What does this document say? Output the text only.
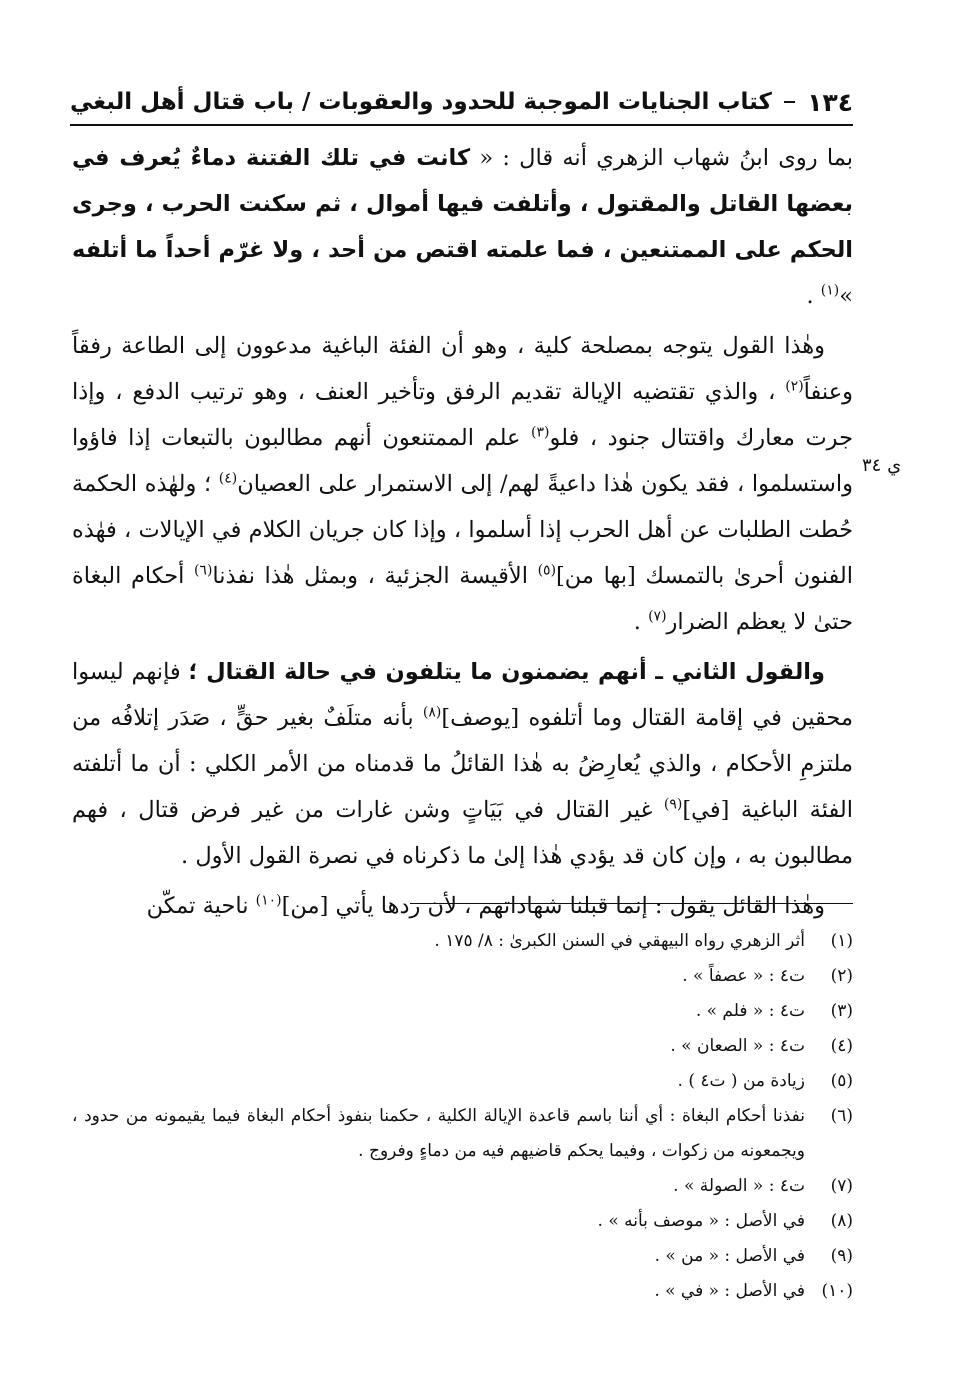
١٣٤
كتاب الجنايات الموجبة للحدود والعقوبات / باب قتال أهل البغي
ي ٣٤

بما روى ابنُ شهاب الزهري أنه قال : « كانت في تلك الفتنة دماءٌ يُعرف في بعضها القاتل والمقتول ، وأتلفت فيها أموال ، ثم سكنت الحرب ، وجرى الحكم على الممتنعين ، فما علمته اقتص من أحد ، ولا غرّم أحداً ما أتلفه »$^{(١)}$ .

وهٰذا القول يتوجه بمصلحة كلية ، وهو أن الفئة الباغية مدعوون إلى الطاعة رفقاً وعنفاً$^{(٢)}$ ، والذي تقتضيه الإيالة تقديم الرفق وتأخير العنف ، وهو ترتيب الدفع ، وإذا جرت معارك واقتتال جنود ، فلو$^{(٣)}$ علم الممتنعون أنهم مطالبون بالتبعات إذا فاؤوا واستسلموا ، فقد يكون هٰذا داعيةً لهم/ إلى الاستمرار على العصيان$^{(٤)}$ ؛ ولهٰذه الحكمة حُطت الطلبات عن أهل الحرب إذا أسلموا ، وإذا كان جريان الكلام في الإيالات ، فهٰذه الفنون أحرىٰ بالتمسك [بها من]$^{(٥)}$ الأقيسة الجزئية ، وبمثل هٰذا نفذنا$^{(٦)}$ أحكام البغاة حتىٰ لا يعظم الضرار$^{(٧)}$ .

والقول الثاني ـ أنهم يضمنون ما يتلفون في حالة القتال ؛ فإنهم ليسوا محقين في إقامة القتال وما أتلفوه [يوصف]$^{(٨)}$ بأنه متلَفٌ بغير حقٍّ ، صَدَر إتلافُه من ملتزمِ الأحكام ، والذي يُعارِضُ به هٰذا القائلُ ما قدمناه من الأمر الكلي : أن ما أتلفته الفئة الباغية [في]$^{(٩)}$ غير القتال في بَيَاتٍ وشن غارات من غير فرض قتال ، فهم مطالبون به ، وإن كان قد يؤدي هٰذا إلىٰ ما ذكرناه في نصرة القول الأول .

وهٰذا القائل يقول : إنما قبلنا شهاداتهم ، لأن ردها يأتي [من]$^{(١٠)}$ ناحية تمكّن

(١)
أثر الزهري رواه البيهقي في السنن الكبرىٰ : ٨/ ١٧٥ .
(٢)
ت٤ : « عصفاً » .
(٣)
ت٤ : « فلم » .
(٤)
ت٤ : « الصعان » .
(٥)
زيادة من ( ت٤ ) .
(٦)
نفذنا أحكام البغاة : أي أننا باسم قاعدة الإيالة الكلية ، حكمنا بنفوذ أحكام البغاة فيما يقيمونه من حدود ، ويجمعونه من زكوات ، وفيما يحكم قاضيهم فيه من دماءٍ وفروج .
(٧)
ت٤ : « الصولة » .
(٨)
في الأصل : « موصف بأنه » .
(٩)
في الأصل : « من » .
(١٠)
في الأصل : « في » .
